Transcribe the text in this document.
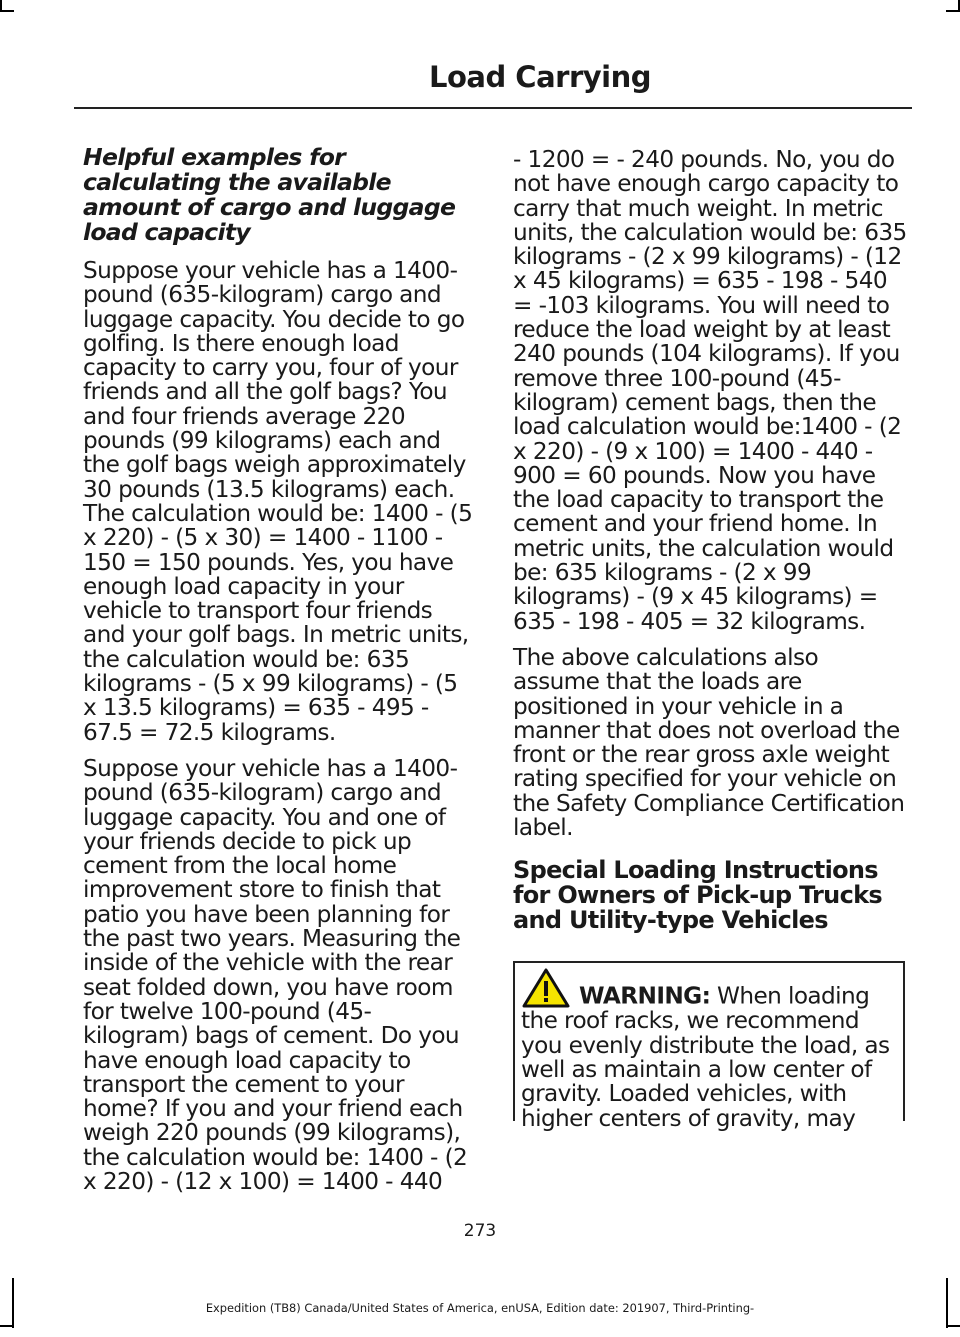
Load Carrying
Helpful examples for calculating the available amount of cargo and luggage load capacity

Suppose your vehicle has a 1400-pound (635-kilogram) cargo and luggage capacity. You decide to go golfing. Is there enough load capacity to carry you, four of your friends and all the golf bags? You and four friends average 220 pounds (99 kilograms) each and the golf bags weigh approximately 30 pounds (13.5 kilograms) each. The calculation would be: 1400 - (5 x 220) - (5 x 30) = 1400 - 1100 - 150 = 150 pounds. Yes, you have enough load capacity in your vehicle to transport four friends and your golf bags. In metric units, the calculation would be: 635 kilograms - (5 x 99 kilograms) - (5 x 13.5 kilograms) = 635 - 495 - 67.5 = 72.5 kilograms.

Suppose your vehicle has a 1400-pound (635-kilogram) cargo and luggage capacity. You and one of your friends decide to pick up cement from the local home improvement store to finish that patio you have been planning for the past two years. Measuring the inside of the vehicle with the rear seat folded down, you have room for twelve 100-pound (45-kilogram) bags of cement. Do you have enough load capacity to transport the cement to your home? If you and your friend each weigh 220 pounds (99 kilograms), the calculation would be: 1400 - (2 x 220) - (12 x 100) = 1400 - 440

- 1200 = - 240 pounds. No, you do not have enough cargo capacity to carry that much weight. In metric units, the calculation would be: 635 kilograms - (2 x 99 kilograms) - (12 x 45 kilograms) = 635 - 198 - 540 = -103 kilograms. You will need to reduce the load weight by at least 240 pounds (104 kilograms). If you remove three 100-pound (45-kilogram) cement bags, then the load calculation would be:1400 - (2 x 220) - (9 x 100) = 1400 - 440 - 900 = 60 pounds. Now you have the load capacity to transport the cement and your friend home. In metric units, the calculation would be: 635 kilograms - (2 x 99 kilograms) - (9 x 45 kilograms) = 635 - 198 - 405 = 32 kilograms.

The above calculations also assume that the loads are positioned in your vehicle in a manner that does not overload the front or the rear gross axle weight rating specified for your vehicle on the Safety Compliance Certification label.

Special Loading Instructions for Owners of Pick-up Trucks and Utility-type Vehicles
WARNING: When loading the roof racks, we recommend you evenly distribute the load, as well as maintain a low center of gravity. Loaded vehicles, with higher centers of gravity, may
273
Expedition (TB8) Canada/United States of America, enUSA, Edition date: 201907, Third-Printing-
